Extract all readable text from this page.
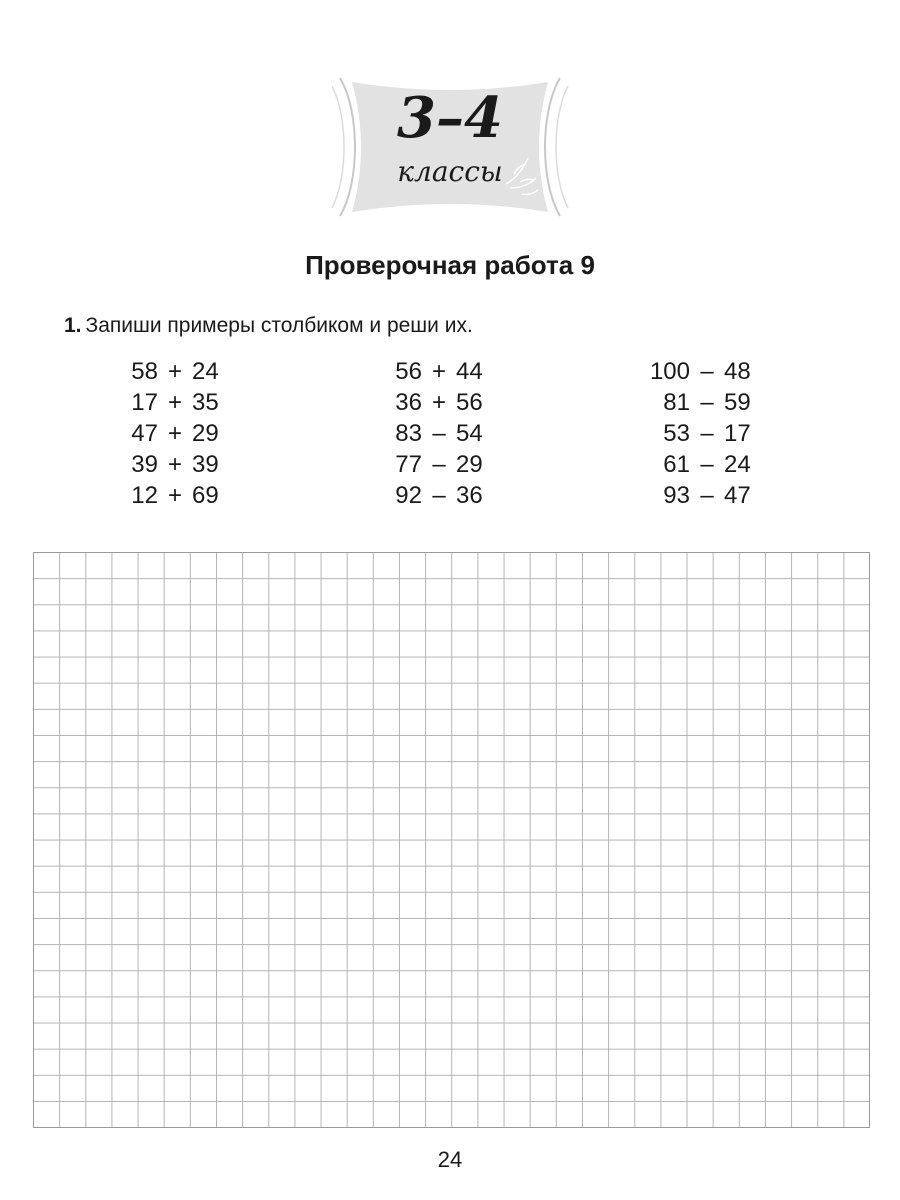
3–4
классы
Проверочная работа 9
1. Запиши примеры столбиком и реши их.
58 + 24
17 + 35
47 + 29
39 + 39
12 + 69
56 + 44
36 + 56
83 – 54
77 – 29
92 – 36
100 – 48
81 – 59
53 – 17
61 – 24
93 – 47
24
